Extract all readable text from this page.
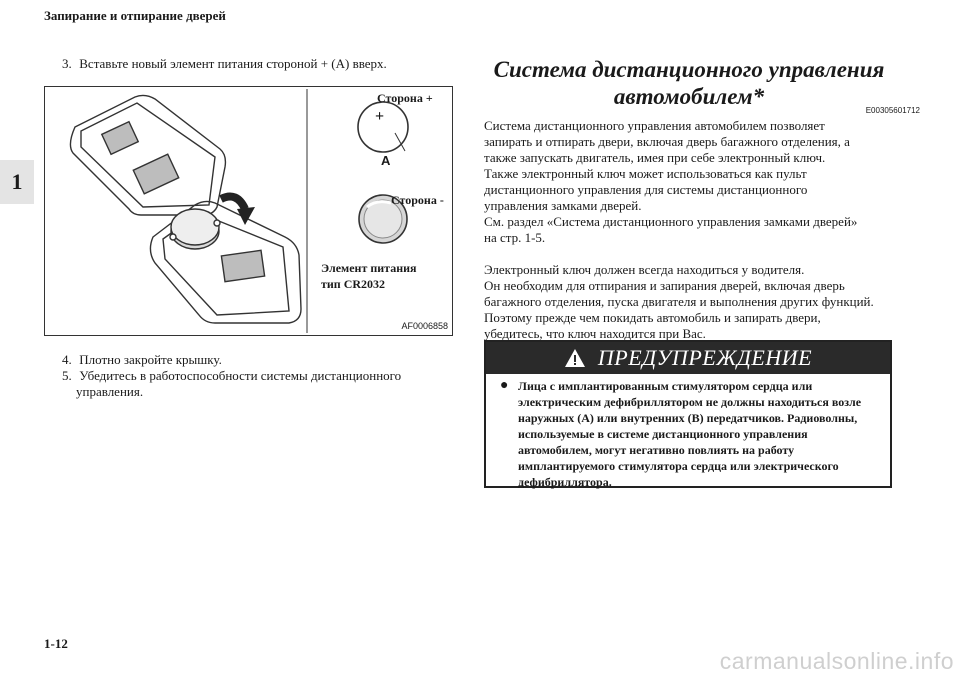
Запирание и отпирание дверей
1
3. Вставьте новый элемент питания стороной + (A) вверх.
Сторона +
+
A
Сторона -
Элемент питания
тип CR2032
AF0006858
4. Плотно закройте крышку.
5. Убедитесь в работоспособности системы дистанционного
управления.
Система дистанционного управления
автомобилем*
E00305601712

Система дистанционного управления автомобилем позволяет

запирать и отпирать двери, включая дверь багажного отделения, а

также запускать двигатель, имея при себе электронный ключ.

Также электронный ключ может использоваться как пульт

дистанционного управления для системы дистанционного

управления замками дверей.

См. раздел «Система дистанционного управления замками дверей»

на стр. 1-5.

Электронный ключ должен всегда находиться у водителя.

Он необходим для отпирания и запирания дверей, включая дверь

багажного отделения, пуска двигателя и выполнения других функций.

Поэтому прежде чем покидать автомобиль и запирать двери,

убедитесь, что ключ находится при Вас.

ПРЕДУПРЕЖДЕНИЕ
● Лица с имплантированным стимулятором сердца или
электрическим дефибриллятором не должны находиться возле
наружных (A) или внутренних (B) передатчиков. Радиоволны,
используемые в системе дистанционного управления
автомобилем, могут негативно повлиять на работу
имплантируемого стимулятора сердца или электрического
дефибриллятора.
1-12
carmanualsonline.info
